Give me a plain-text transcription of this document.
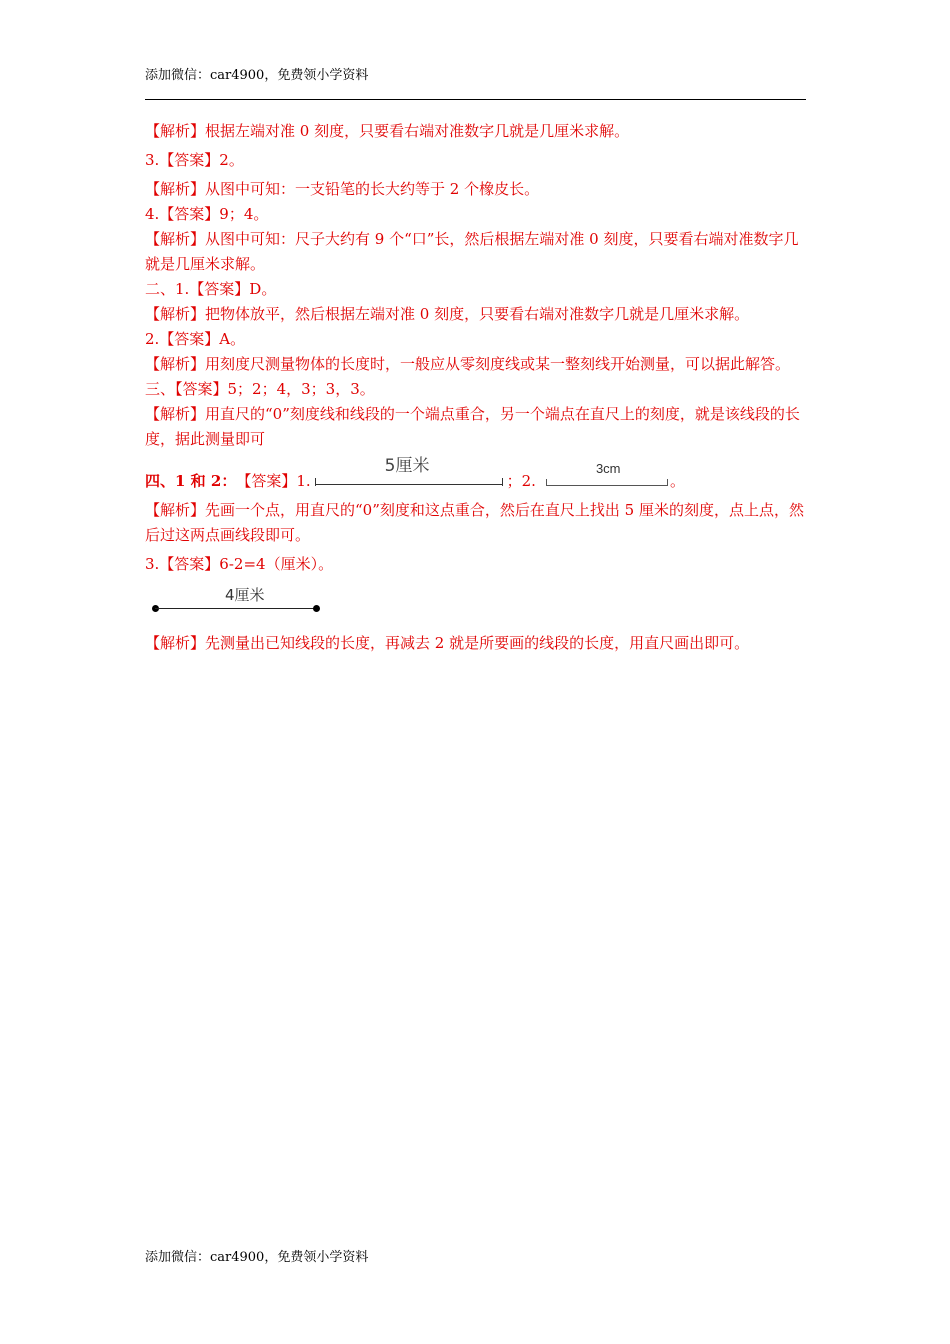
添加微信：car4900，免费领小学资料

【解析】根据左端对准 0 刻度，只要看右端对准数字几就是几厘米求解。

3.【答案】2。

【解析】从图中可知：一支铅笔的长大约等于 2 个橡皮长。

4.【答案】9；4。

【解析】从图中可知：尺子大约有 9 个“口”长，然后根据左端对准 0 刻度，只要看右端对准数字几就是几厘米求解。

二、1.【答案】D。

【解析】把物体放平，然后根据左端对准 0 刻度，只要看右端对准数字几就是几厘米求解。

2.【答案】A。

【解析】用刻度尺测量物体的长度时，一般应从零刻度线或某一整刻线开始测量，可以据此解答。

三、【答案】5；2；4，3；3，3。

【解析】用直尺的“0”刻度线和线段的一个端点重合，另一个端点在直尺上的刻度，就是该线段的长度，据此测量即可

四、1 和 2： 【答案】1.
5厘米
；2.
3cm
。

【解析】先画一个点，用直尺的“0”刻度和这点重合，然后在直尺上找出 5 厘米的刻度，点上点，然后过这两点画线段即可。

3.【答案】6-2=4（厘米）。

4厘米

【解析】先测量出已知线段的长度，再减去 2 就是所要画的线段的长度，用直尺画出即可。

添加微信：car4900，免费领小学资料
